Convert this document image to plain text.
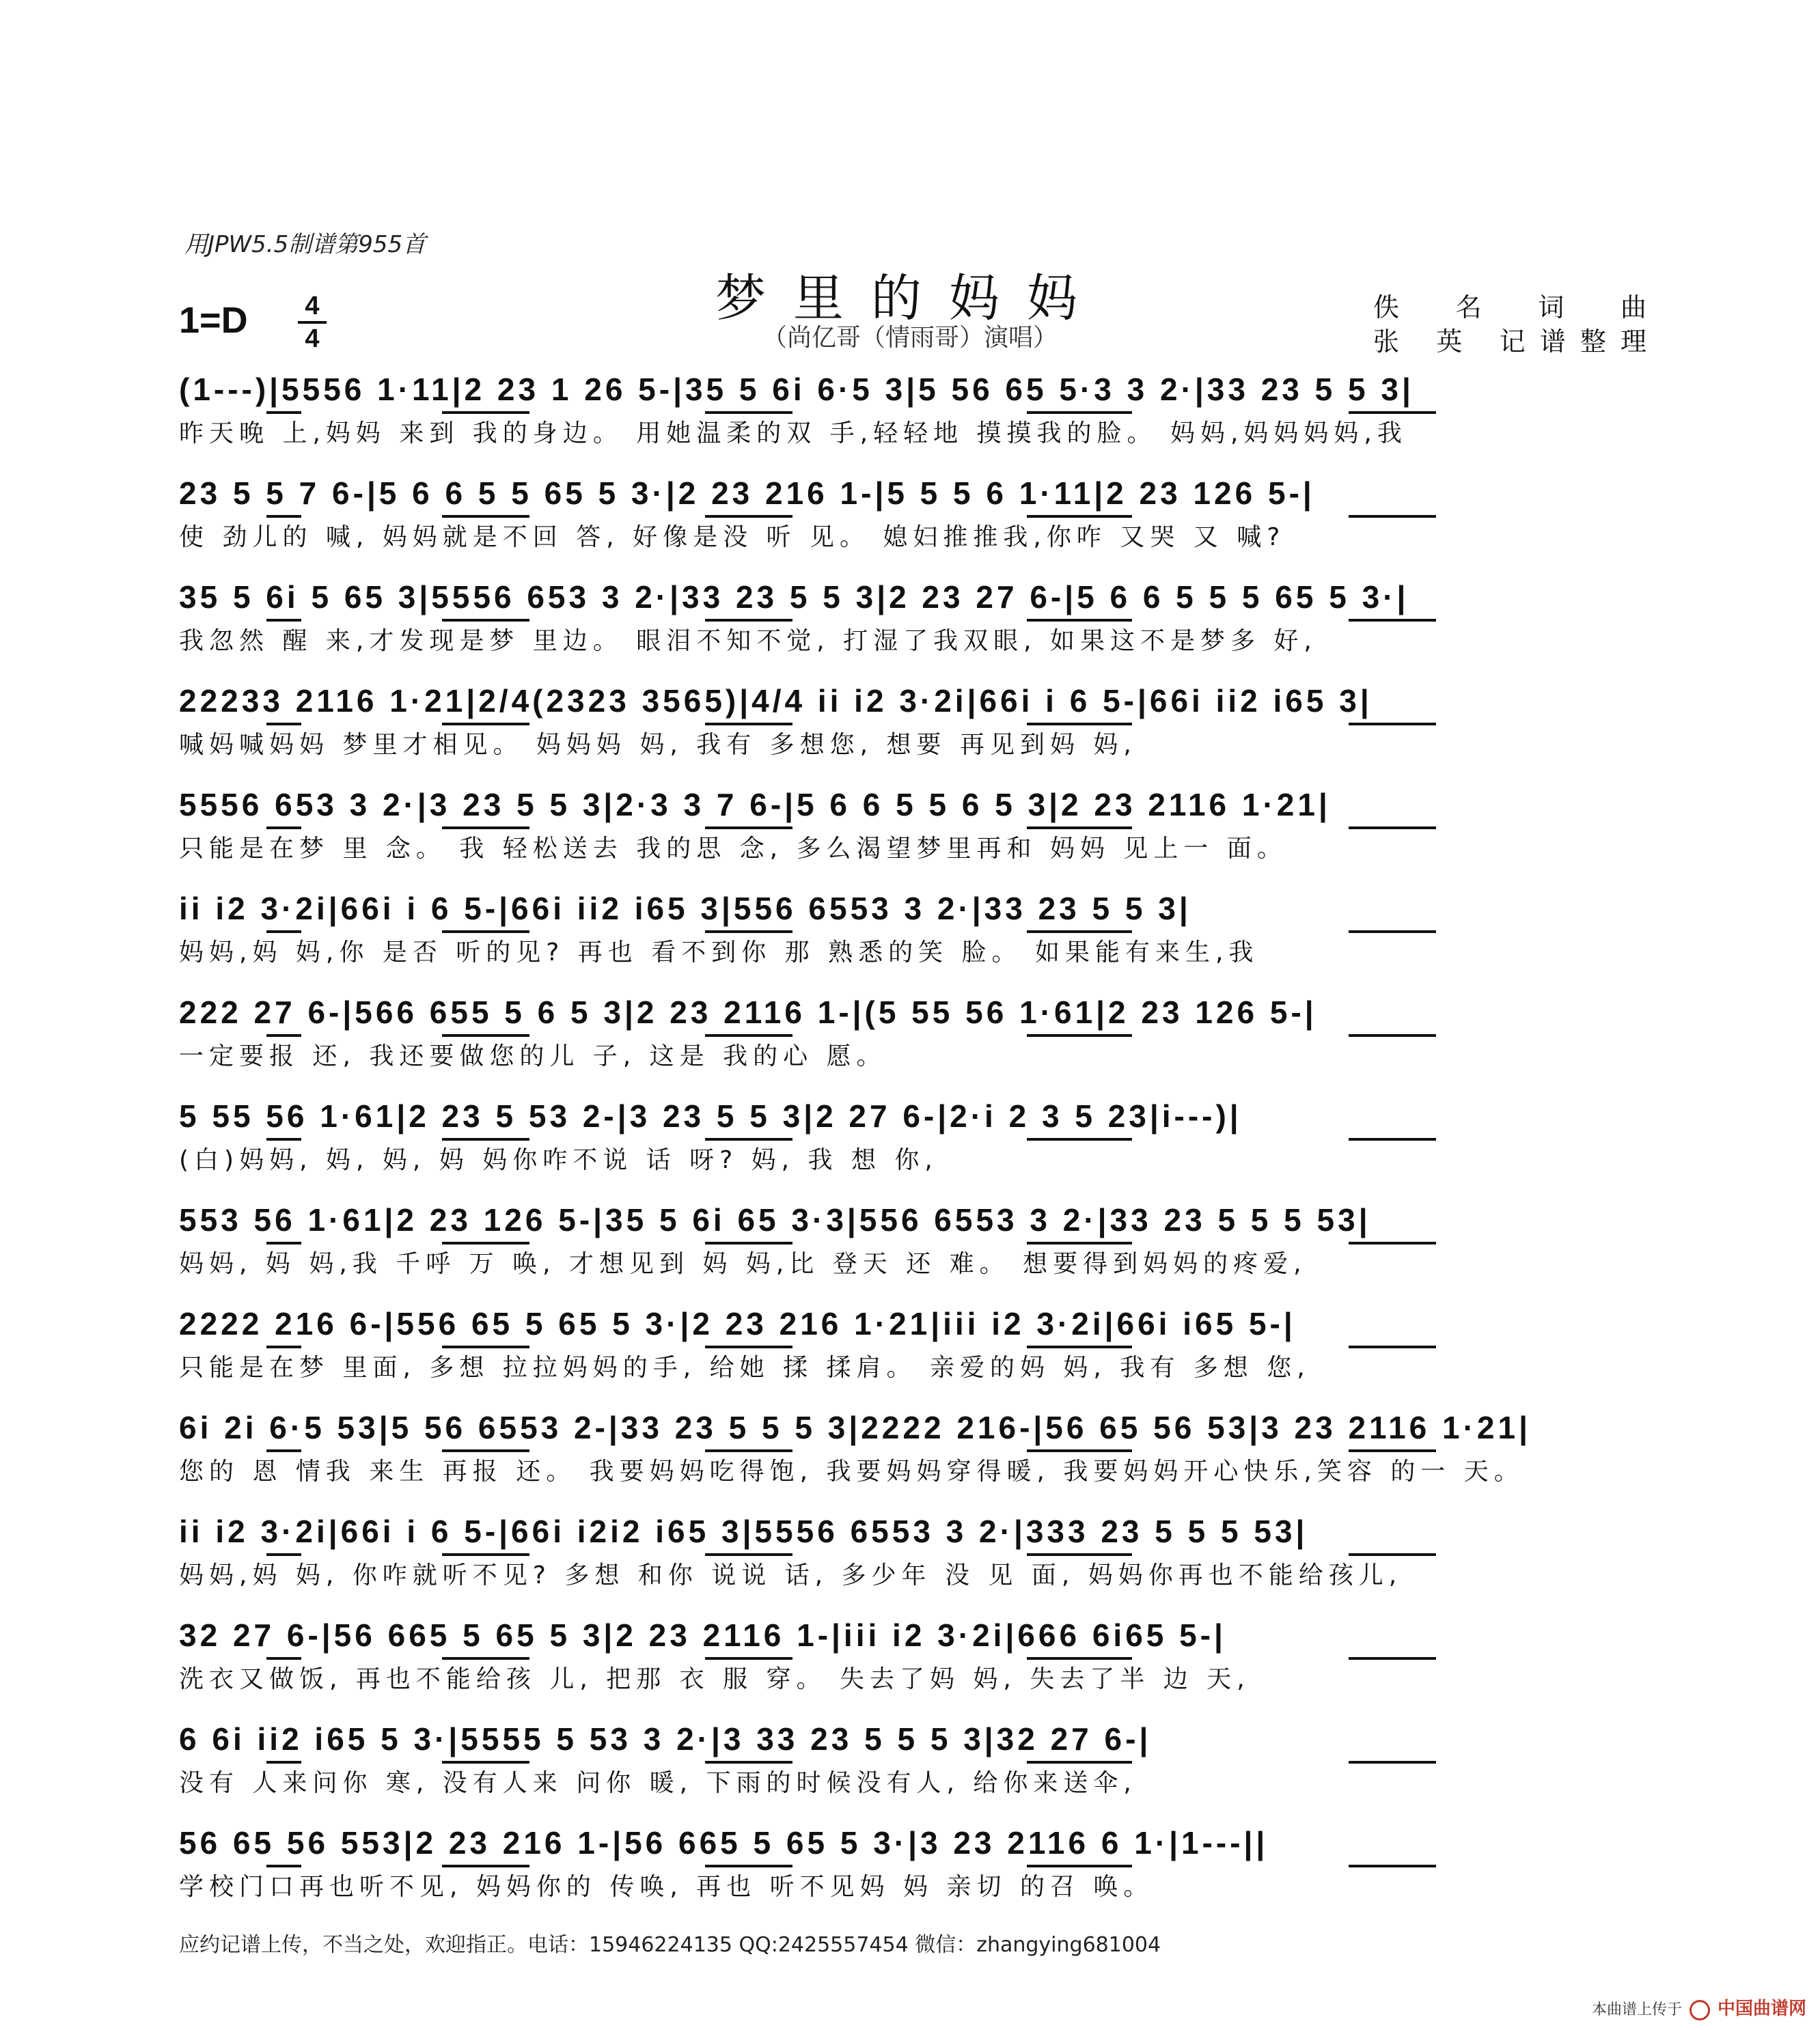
用JPW5.5制谱第955首
梦里的妈妈
（尚亿哥（情雨哥）演唱）
1=D	4
4
佚 名 词 曲
张 英 记谱整理
(1---)|5556 1·11|2 23 1 26 5-|35 5 6i 6·5 3|5 56 65 5·3 3 2·|33 23 5 5 3|
昨天晚 上,妈妈 来到 我的身边。 用她温柔的双 手,轻轻地 摸摸我的脸。 妈妈,妈妈妈妈,我
23 5 5 7 6-|5 6 6 5 5 65 5 3·|2 23 216 1-|5 5 5 6 1·11|2 23 126 5-|
使 劲儿的 喊, 妈妈就是不回 答, 好像是没 听 见。 媳妇推推我,你咋 又哭 又 喊?
35 5 6i 5 65 3|5556 653 3 2·|33 23 5 5 3|2 23 27 6-|5 6 6 5 5 5 65 5 3·|
我忽然 醒 来,才发现是梦 里边。 眼泪不知不觉, 打湿了我双眼, 如果这不是梦多 好,
22233 2116 1·21|2/4(2323 3565)|4/4 ii i2 3·2i|66i i 6 5-|66i ii2 i65 3|
喊妈喊妈妈 梦里才相见。 妈妈妈 妈, 我有 多想您, 想要 再见到妈 妈,
5556 653 3 2·|3 23 5 5 3|2·3 3 7 6-|5 6 6 5 5 6 5 3|2 23 2116 1·21|
只能是在梦 里 念。 我 轻松送去 我的思 念, 多么渴望梦里再和 妈妈 见上一 面。
ii i2 3·2i|66i i 6 5-|66i ii2 i65 3|556 6553 3 2·|33 23 5 5 3|
妈妈,妈 妈,你 是否 听的见? 再也 看不到你 那 熟悉的笑 脸。 如果能有来生,我
222 27 6-|566 655 5 6 5 3|2 23 2116 1-|(5 55 56 1·61|2 23 126 5-|
一定要报 还, 我还要做您的儿 子, 这是 我的心 愿。
5 55 56 1·61|2 23 5 53 2-|3 23 5 5 3|2 27 6-|2·i 2 3 5 23|i---)|
(白)妈妈, 妈, 妈, 妈 妈你咋不说 话 呀? 妈, 我 想 你,
553 56 1·61|2 23 126 5-|35 5 6i 65 3·3|556 6553 3 2·|33 23 5 5 5 53|
妈妈, 妈 妈,我 千呼 万 唤, 才想见到 妈 妈,比 登天 还 难。 想要得到妈妈的疼爱,
2222 216 6-|556 65 5 65 5 3·|2 23 216 1·21|iii i2 3·2i|66i i65 5-|
只能是在梦 里面, 多想 拉拉妈妈的手, 给她 揉 揉肩。 亲爱的妈 妈, 我有 多想 您,
6i 2i 6·5 53|5 56 6553 2-|33 23 5 5 5 3|2222 216-|56 65 56 53|3 23 2116 1·21|
您的 恩 情我 来生 再报 还。 我要妈妈吃得饱, 我要妈妈穿得暖, 我要妈妈开心快乐,笑容 的一 天。
ii i2 3·2i|66i i 6 5-|66i i2i2 i65 3|5556 6553 3 2·|333 23 5 5 5 53|
妈妈,妈 妈, 你咋就听不见? 多想 和你 说说 话, 多少年 没 见 面, 妈妈你再也不能给孩儿,
32 27 6-|56 665 5 65 5 3|2 23 2116 1-|iii i2 3·2i|666 6i65 5-|
洗衣又做饭, 再也不能给孩 儿, 把那 衣 服 穿。 失去了妈 妈, 失去了半 边 天,
6 6i ii2 i65 5 3·|5555 5 53 3 2·|3 33 23 5 5 5 3|32 27 6-|
没有 人来问你 寒, 没有人来 问你 暖, 下雨的时候没有人, 给你来送伞,
56 65 56 553|2 23 216 1-|56 665 5 65 5 3·|3 23 2116 6 1·|1---||
学校门口再也听不见, 妈妈你的 传唤, 再也 听不见妈 妈 亲切 的召 唤。
应约记谱上传，不当之处，欢迎指正。电话：15946224135 QQ:2425557454 微信：zhangying681004
本曲谱上传于 中国曲谱网
